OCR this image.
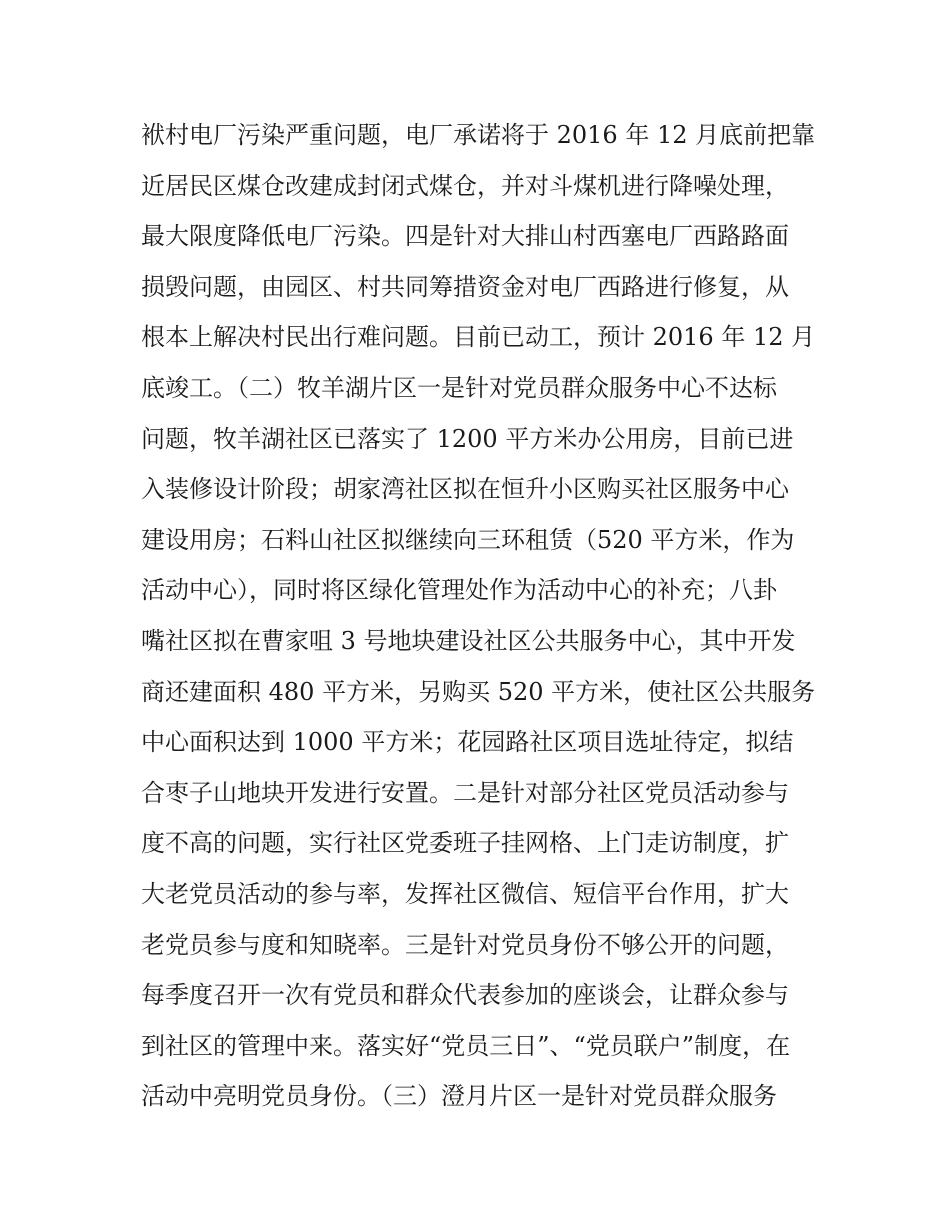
袱村电厂污染严重问题，电厂承诺将于 2016 年 12 月底前把靠
近居民区煤仓改建成封闭式煤仓，并对斗煤机进行降噪处理，
最大限度降低电厂污染。四是针对大排山村西塞电厂西路路面
损毁问题，由园区、村共同筹措资金对电厂西路进行修复，从
根本上解决村民出行难问题。目前已动工，预计 2016 年 12 月
底竣工。（二）牧羊湖片区一是针对党员群众服务中心不达标
问题，牧羊湖社区已落实了 1200 平方米办公用房，目前已进
入装修设计阶段；胡家湾社区拟在恒升小区购买社区服务中心
建设用房；石料山社区拟继续向三环租赁（520 平方米，作为
活动中心），同时将区绿化管理处作为活动中心的补充；八卦
嘴社区拟在曹家咀 3 号地块建设社区公共服务中心，其中开发
商还建面积 480 平方米，另购买 520 平方米，使社区公共服务
中心面积达到 1000 平方米；花园路社区项目选址待定，拟结
合枣子山地块开发进行安置。二是针对部分社区党员活动参与
度不高的问题，实行社区党委班子挂网格、上门走访制度，扩
大老党员活动的参与率，发挥社区微信、短信平台作用，扩大
老党员参与度和知晓率。三是针对党员身份不够公开的问题，
每季度召开一次有党员和群众代表参加的座谈会，让群众参与
到社区的管理中来。落实好“党员三日”、“党员联户”制度，在
活动中亮明党员身份。（三）澄月片区一是针对党员群众服务
